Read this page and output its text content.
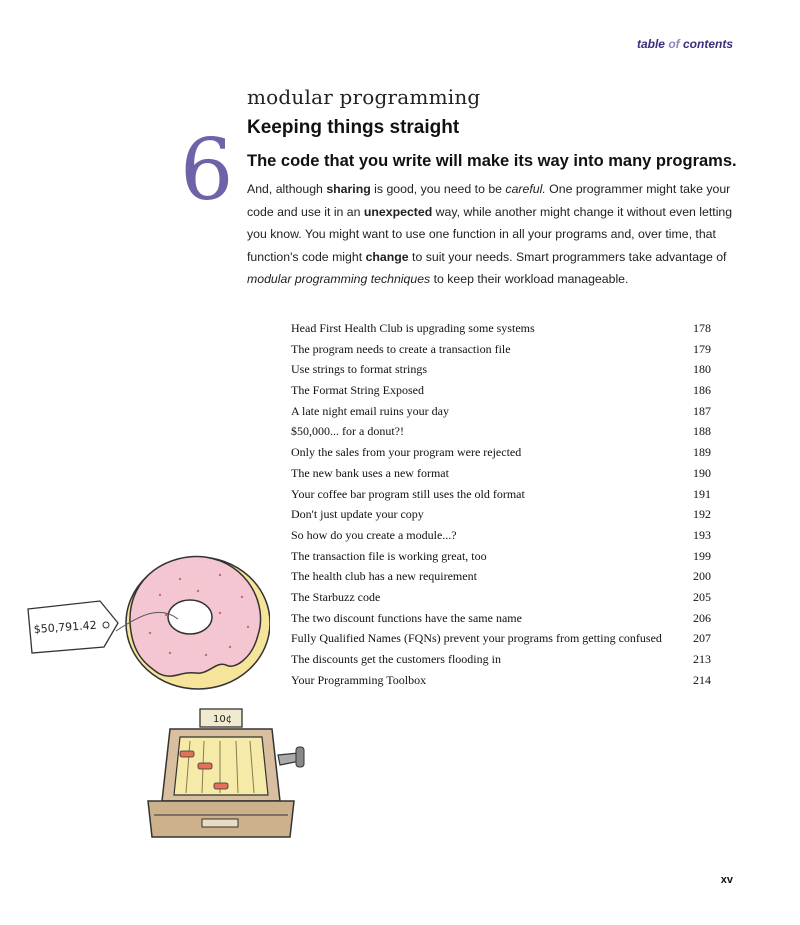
table of contents
6
modular programming
Keeping things straight
The code that you write will make its way into many programs.
And, although sharing is good, you need to be careful. One programmer might take your code and use it in an unexpected way, while another might change it without even letting you know. You might want to use one function in all your programs and, over time, that function's code might change to suit your needs. Smart programmers take advantage of modular programming techniques to keep their workload manageable.
Head First Health Club is upgrading some systems	178
The program needs to create a transaction file	179
Use strings to format strings	180
The Format String Exposed	186
A late night email ruins your day	187
$50,000... for a donut?!	188
Only the sales from your program were rejected	189
The new bank uses a new format	190
Your coffee bar program still uses the old format	191
Don't just update your copy	192
So how do you create a module...?	193
The transaction file is working great, too	199
The health club has a new requirement	200
The Starbuzz code	205
The two discount functions have the same name	206
Fully Qualified Names (FQNs) prevent your programs from getting confused	207
The discounts get the customers flooding in	213
Your Programming Toolbox	214
$50,791.42
10¢
xv
